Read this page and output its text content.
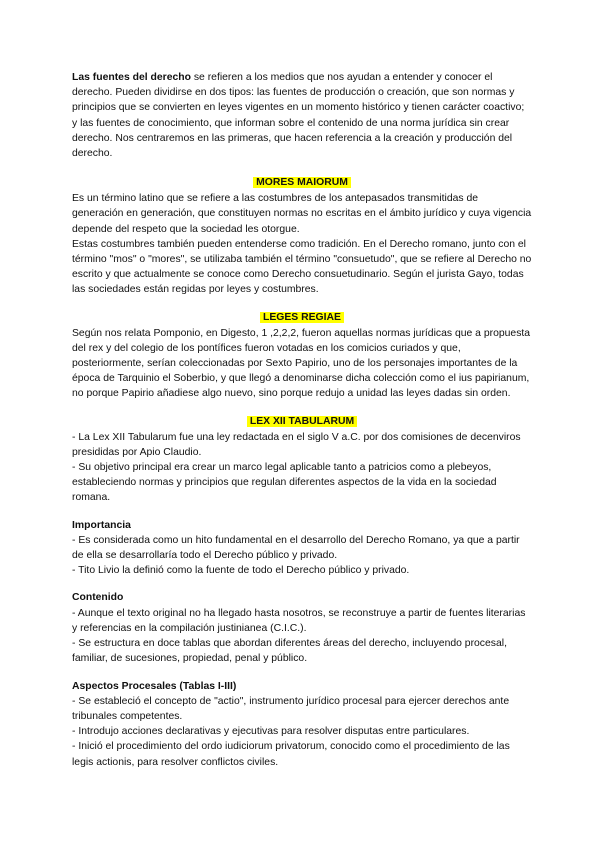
Las fuentes del derecho se refieren a los medios que nos ayudan a entender y conocer el derecho. Pueden dividirse en dos tipos: las fuentes de producción o creación, que son normas y principios que se convierten en leyes vigentes en un momento histórico y tienen carácter coactivo; y las fuentes de conocimiento, que informan sobre el contenido de una norma jurídica sin crear derecho. Nos centraremos en las primeras, que hacen referencia a la creación y producción del derecho.

MORES MAIORUM

Es un término latino que se refiere a las costumbres de los antepasados transmitidas de generación en generación, que constituyen normas no escritas en el ámbito jurídico y cuya vigencia depende del respeto que la sociedad les otorgue.

Estas costumbres también pueden entenderse como tradición. En el Derecho romano, junto con el término "mos" o "mores", se utilizaba también el término "consuetudo", que se refiere al Derecho no escrito y que actualmente se conoce como Derecho consuetudinario. Según el jurista Gayo, todas las sociedades están regidas por leyes y costumbres.

LEGES REGIAE

Según nos relata Pomponio, en Digesto, 1 ,2,2,2, fueron aquellas normas jurídicas que a propuesta del rex y del colegio de los pontífices fueron votadas en los comicios curiados y que, posteriormente, serían coleccionadas por Sexto Papirio, uno de los personajes importantes de la época de Tarquinio el Soberbio, y que llegó a denominarse dicha colección como el ius papirianum, no porque Papirio añadiese algo nuevo, sino porque redujo a unidad las leyes dadas sin orden.

LEX XII TABULARUM

- La Lex XII Tabularum fue una ley redactada en el siglo V a.C. por dos comisiones de decenviros presididas por Apio Claudio.

- Su objetivo principal era crear un marco legal aplicable tanto a patricios como a plebeyos, estableciendo normas y principios que regulan diferentes aspectos de la vida en la sociedad romana.

Importancia

- Es considerada como un hito fundamental en el desarrollo del Derecho Romano, ya que a partir de ella se desarrollaría todo el Derecho público y privado.

- Tito Livio la definió como la fuente de todo el Derecho público y privado.

Contenido

- Aunque el texto original no ha llegado hasta nosotros, se reconstruye a partir de fuentes literarias y referencias en la compilación justinianea (C.I.C.).

- Se estructura en doce tablas que abordan diferentes áreas del derecho, incluyendo procesal, familiar, de sucesiones, propiedad, penal y público.

Aspectos Procesales (Tablas I-III)

- Se estableció el concepto de "actio", instrumento jurídico procesal para ejercer derechos ante tribunales competentes.

- Introdujo acciones declarativas y ejecutivas para resolver disputas entre particulares.

- Inició el procedimiento del ordo iudiciorum privatorum, conocido como el procedimiento de las legis actionis, para resolver conflictos civiles.
